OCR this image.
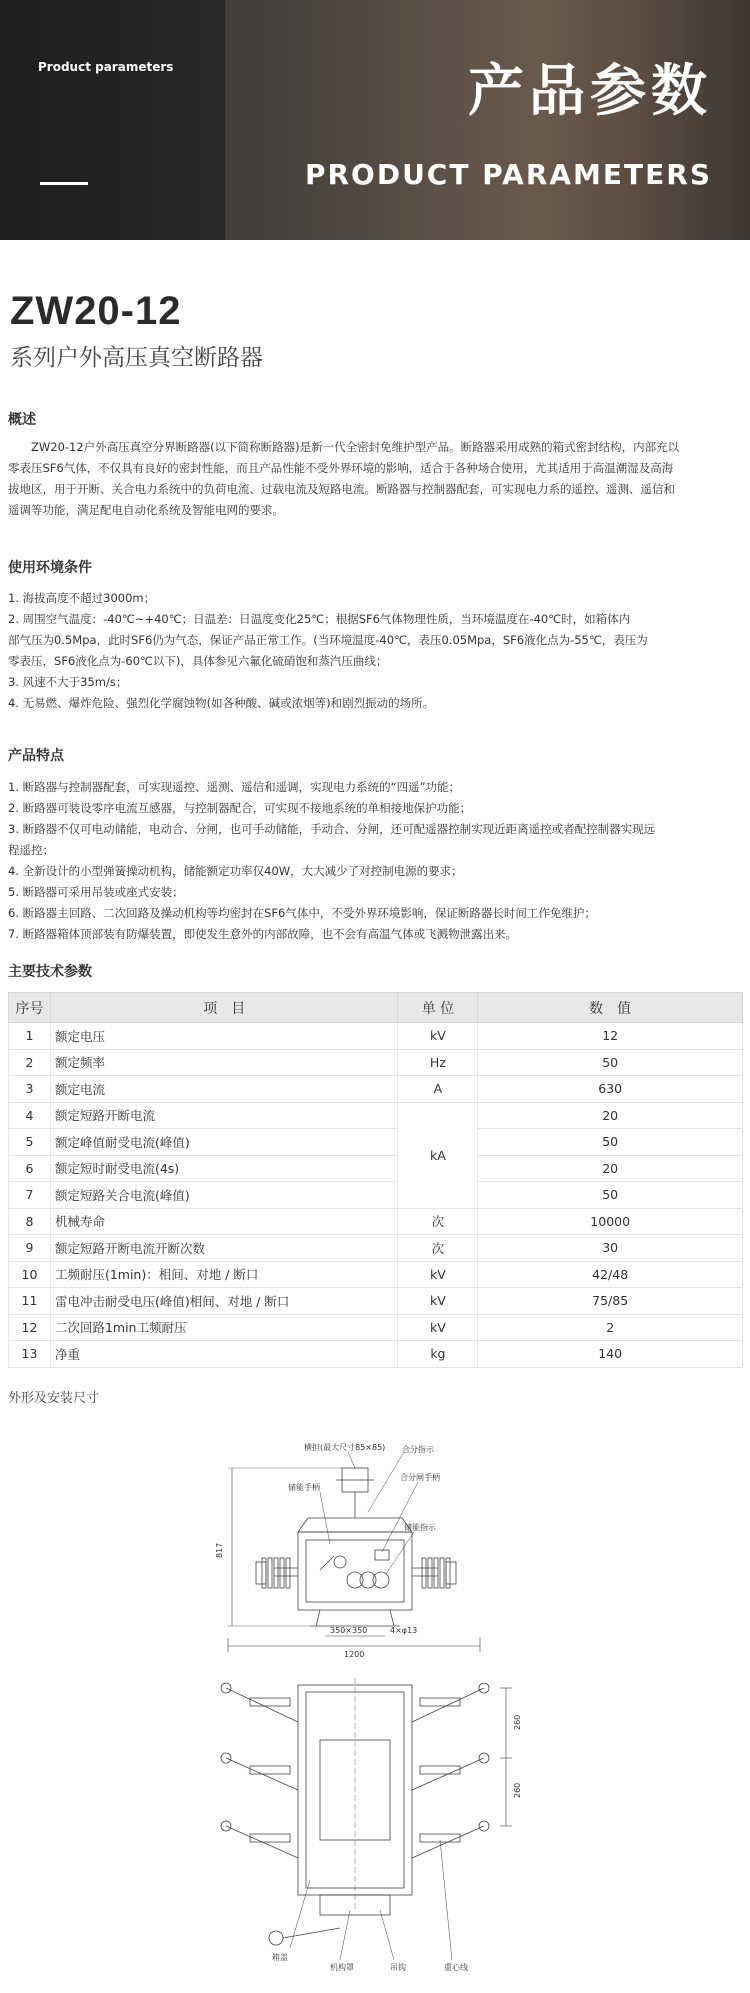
Product parameters	产品参数
PRODUCT PARAMETERS
ZW20-12
系列户外高压真空断路器
概述
　　ZW20-12户外高压真空分界断路器(以下简称断路器)是新一代全密封免维护型产品。断路器采用成熟的箱式密封结构，内部充以
零表压SF6气体，不仅具有良好的密封性能，而且产品性能不受外界环境的影响，适合于各种场合使用，尤其适用于高温潮湿及高海
拔地区，用于开断、关合电力系统中的负荷电流、过载电流及短路电流。断路器与控制器配套，可实现电力系的遥控、遥测、遥信和
遥调等功能，满足配电自动化系统及智能电网的要求。
使用环境条件
1. 海拔高度不超过3000m；
2. 周围空气温度：-40℃~+40℃；日温差：日温度变化25℃；根据SF6气体物理性质，当环境温度在-40℃时，如箱体内
部气压为0.5Mpa，此时SF6仍为气态，保证产品正常工作。(当环境温度-40℃，表压0.05Mpa，SF6液化点为-55℃，表压为
零表压，SF6液化点为-60℃以下)，具体参见六氟化硫硝饱和蒸汽压曲线；
3. 风速不大于35m/s；
4. 无易燃、爆炸危险、强烈化学腐蚀物(如各种酸、碱或浓烟等)和剧烈振动的场所。
产品特点
1. 断路器与控制器配套，可实现遥控、遥测、遥信和遥调，实现电力系统的“四遥”功能；
2. 断路器可装设零序电流互感器，与控制器配合，可实现不接地系统的单相接地保护功能；
3. 断路器不仅可电动储能，电动合、分闸，也可手动储能，手动合、分闸，还可配遥器控制实现近距离遥控或者配控制器实现远
程遥控；
4. 全新设计的小型弹簧操动机构，储能额定功率仅40W，大大减少了对控制电源的要求；
5. 断路器可采用吊装或座式安装；
6. 断路器主回路、二次回路及操动机构等均密封在SF6气体中，不受外界环境影响，保证断路器长时间工作免维护；
7. 断路器箱体顶部装有防爆装置，即使发生意外的内部故障，也不会有高温气体或飞溅物泄露出来。
主要技术参数
序号	项　目	单 位	数　值
1	额定电压	kV	12
2	额定频率	Hz	50
3	额定电流	A	630
4	额定短路开断电流	kA	20
5	额定峰值耐受电流(峰值)		50
6	额定短时耐受电流(4s)		20
7	额定短路关合电流(峰值)		50
8	机械寿命	次	10000
9	额定短路开断电流开断次数	次	30
10	工频耐压(1min)：相间、对地 / 断口	kV	42/48
11	雷电冲击耐受电压(峰值)相间、对地 / 断口	kV	75/85
12	二次回路1min工频耐压	kV	2
13	净重	kg	140
外形及安装尺寸
横担(最大尺寸85×85) 合分指示
储能手柄
合分闸手柄
储能指示
817
350×350	4×φ13
1200
260
260
箱盖
机构罩	吊钩	重心线
